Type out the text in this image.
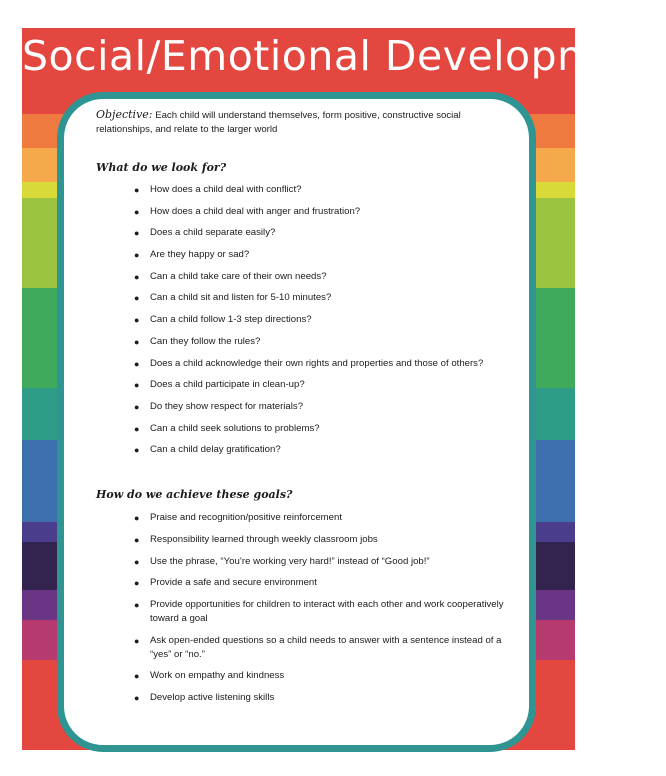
Social/Emotional Development

Objective: Each child will understand themselves, form positive, constructive social relationships, and relate to the larger world

What do we look for?
● How does a child deal with conflict?
● How does a child deal with anger and frustration?
● Does a child separate easily?
● Are they happy or sad?
● Can a child take care of their own needs?
● Can a child sit and listen for 5-10 minutes?
● Can a child follow 1-3 step directions?
● Can they follow the rules?
● Does a child acknowledge their own rights and properties and those of others?
● Does a child participate in clean-up?
● Do they show respect for materials?
● Can a child seek solutions to problems?
● Can a child delay gratification?
How do we achieve these goals?
● Praise and recognition/positive reinforcement
● Responsibility learned through weekly classroom jobs
● Use the phrase, “You’re working very hard!” instead of “Good job!”
● Provide a safe and secure environment
● Provide opportunities for children to interact with each other and work cooperatively toward a goal
● Ask open-ended questions so a child needs to answer with a sentence instead of a “yes” or “no.”
● Work on empathy and kindness
● Develop active listening skills
